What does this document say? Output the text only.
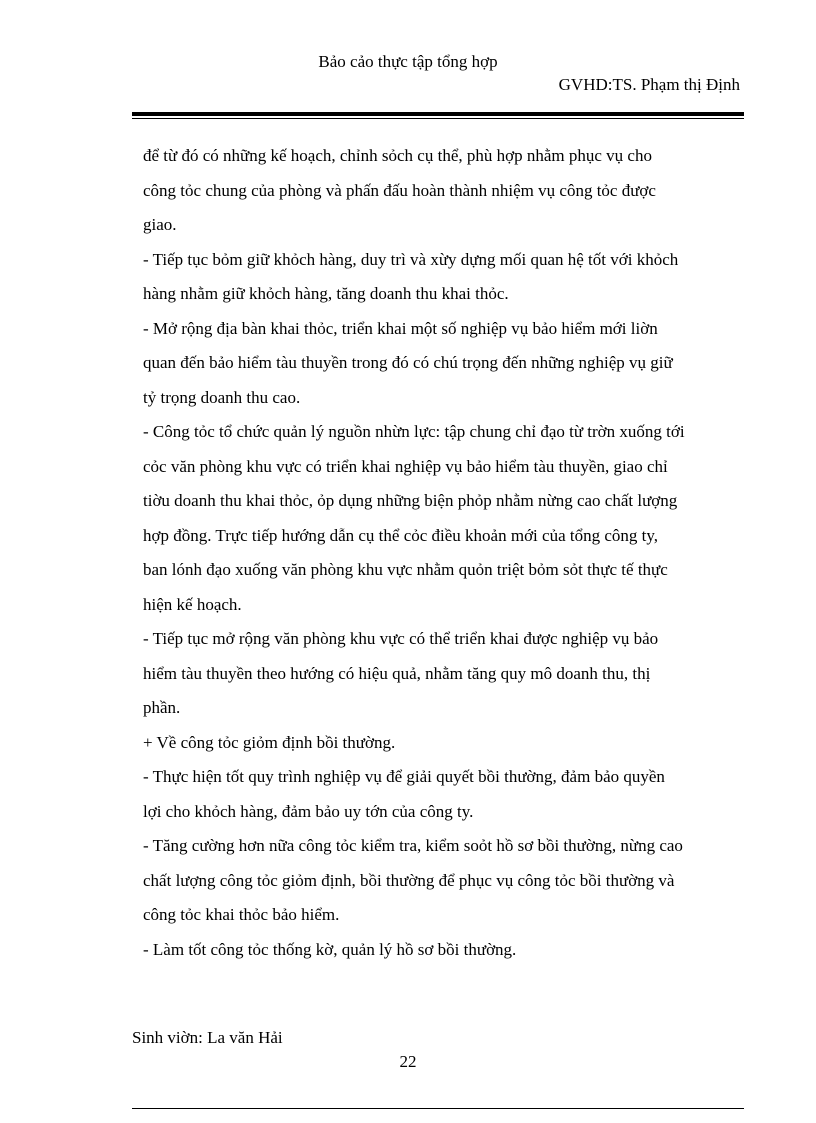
Bảo cảo thực tập tổng hợp
GVHD:TS. Phạm thị Định
để từ đó có những kế hoạch, chỉnh sỏch cụ thể, phù hợp nhằm phục vụ cho
công tỏc chung của phòng và phấn đấu hoàn thành nhiệm vụ công tỏc được
giao.
- Tiếp tục bỏm giữ khỏch hàng, duy trì và xừy dựng mối quan hệ tốt với khỏch
hàng nhằm giữ khỏch hàng, tăng doanh thu khai thỏc.
- Mở rộng địa bàn khai thỏc, triển khai một số nghiệp vụ bảo hiểm mới liờn
quan đến bảo hiểm tàu thuyền trong đó có chú trọng đến những nghiệp vụ giữ
tỷ trọng doanh thu cao.
- Công tỏc tổ chức quản lý nguồn nhừn lực: tập chung chỉ đạo từ trờn xuống tới
cỏc văn phòng khu vực có triển khai nghiệp vụ bảo hiểm tàu thuyền, giao chỉ
tiờu doanh thu khai thỏc, ỏp dụng những biện phỏp nhằm nừng cao chất lượng
hợp đồng. Trực tiếp hướng dẫn cụ thể cỏc điều khoản mới của tổng công ty,
ban lónh đạo xuống văn phòng khu vực nhằm quỏn triệt bỏm sỏt thực tế thực
hiện kế hoạch.
- Tiếp tục mở rộng văn phòng khu vực có thể triển khai được nghiệp vụ bảo
hiểm tàu thuyền theo hướng có hiệu quả, nhằm tăng quy mô doanh thu, thị
phần.
+ Về công tỏc giỏm định bồi thường.
- Thực hiện tốt quy trình nghiệp vụ để giải quyết bồi thường, đảm bảo quyền
lợi cho khỏch hàng, đảm bảo uy tớn của công ty.
- Tăng cường hơn nữa công tỏc kiểm tra, kiểm soỏt hồ sơ bồi thường, nừng cao
chất lượng công tỏc giỏm định, bồi thường để phục vụ công tỏc bồi thường và
công tỏc khai thỏc bảo hiểm.
- Làm tốt công tỏc thống kờ, quản lý hồ sơ bồi thường.
Sinh viờn: La văn Hải
22
